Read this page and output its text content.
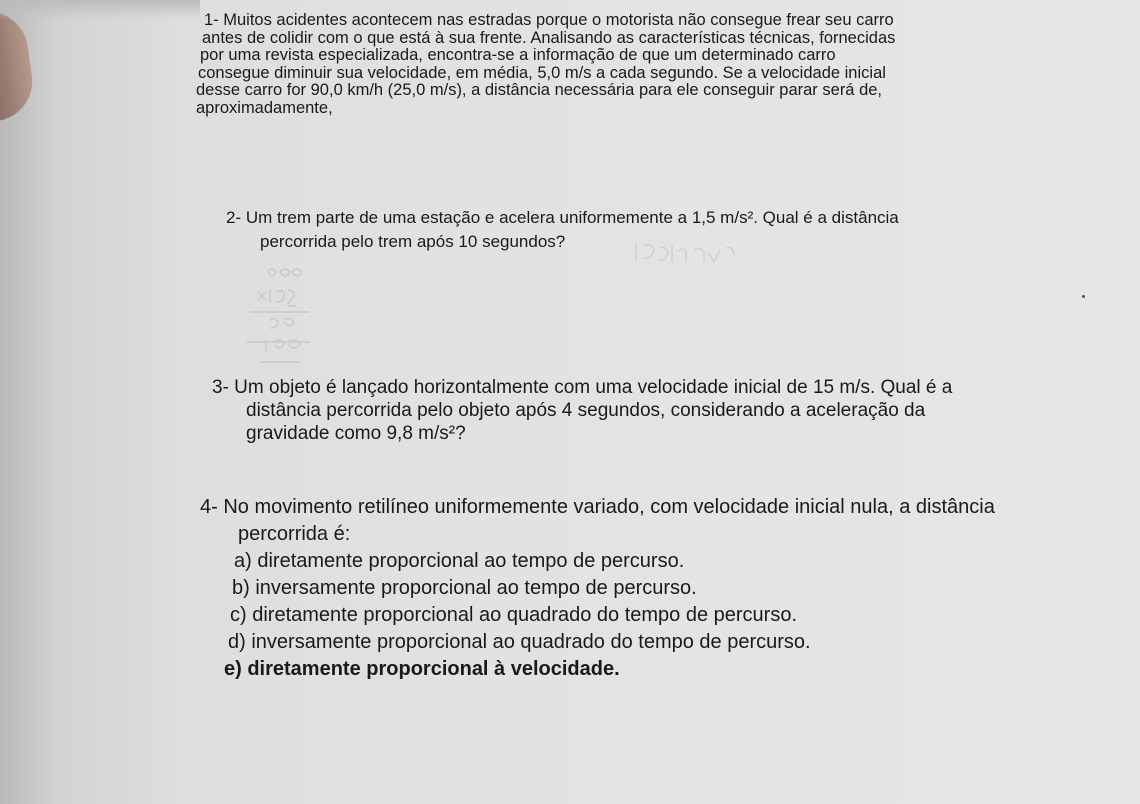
1- Muitos acidentes acontecem nas estradas porque o motorista não consegue frear seu carro
antes de colidir com o que está à sua frente. Analisando as características técnicas, fornecidas
por uma revista especializada, encontra-se a informação de que um determinado carro
consegue diminuir sua velocidade, em média, 5,0 m/s a cada segundo. Se a velocidade inicial
desse carro for 90,0 km/h (25,0 m/s), a distância necessária para ele conseguir parar será de,
aproximadamente,
2- Um trem parte de uma estação e acelera uniformemente a 1,5 m/s². Qual é a distância
percorrida pelo trem após 10 segundos?
3- Um objeto é lançado horizontalmente com uma velocidade inicial de 15 m/s. Qual é a
distância percorrida pelo objeto após 4 segundos, considerando a aceleração da
gravidade como 9,8 m/s²?
4- No movimento retilíneo uniformemente variado, com velocidade inicial nula, a distância
percorrida é:
a) diretamente proporcional ao tempo de percurso.
b) inversamente proporcional ao tempo de percurso.
c) diretamente proporcional ao quadrado do tempo de percurso.
d) inversamente proporcional ao quadrado do tempo de percurso.
e) diretamente proporcional à velocidade.
